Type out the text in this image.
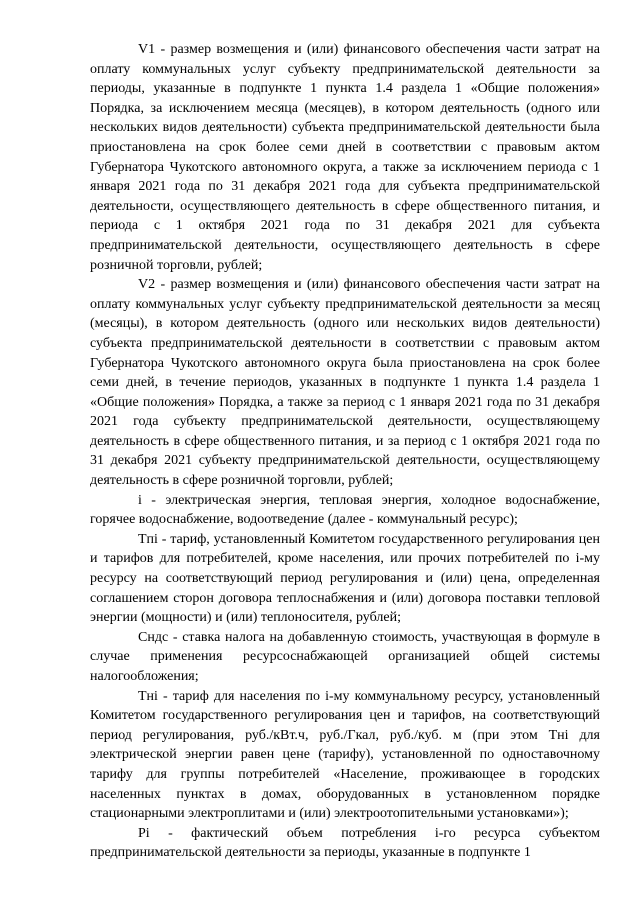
V1 - размер возмещения и (или) финансового обеспечения части затрат на оплату коммунальных услуг субъекту предпринимательской деятельности за периоды, указанные в подпункте 1 пункта 1.4 раздела 1 «Общие положения» Порядка, за исключением месяца (месяцев), в котором деятельность (одного или нескольких видов деятельности) субъекта предпринимательской деятельности была приостановлена на срок более семи дней в соответствии с правовым актом Губернатора Чукотского автономного округа, а также за исключением периода с 1 января 2021 года по 31 декабря 2021 года для субъекта предпринимательской деятельности, осуществляющего деятельность в сфере общественного питания, и периода с 1 октября 2021 года по 31 декабря 2021 для субъекта предпринимательской деятельности, осуществляющего деятельность в сфере розничной торговли, рублей;

V2 - размер возмещения и (или) финансового обеспечения части затрат на оплату коммунальных услуг субъекту предпринимательской деятельности за месяц (месяцы), в котором деятельность (одного или нескольких видов деятельности) субъекта предпринимательской деятельности в соответствии с правовым актом Губернатора Чукотского автономного округа была приостановлена на срок более семи дней, в течение периодов, указанных в подпункте 1 пункта 1.4 раздела 1 «Общие положения» Порядка, а также за период с 1 января 2021 года по 31 декабря 2021 года субъекту предпринимательской деятельности, осуществляющему деятельность в сфере общественного питания, и за период с 1 октября 2021 года по 31 декабря 2021 субъекту предпринимательской деятельности, осуществляющему деятельность в сфере розничной торговли, рублей;

i - электрическая энергия, тепловая энергия, холодное водоснабжение, горячее водоснабжение, водоотведение (далее - коммунальный ресурс);

Tпi - тариф, установленный Комитетом государственного регулирования цен и тарифов для потребителей, кроме населения, или прочих потребителей по i-му ресурсу на соответствующий период регулирования и (или) цена, определенная соглашением сторон договора теплоснабжения и (или) договора поставки тепловой энергии (мощности) и (или) теплоносителя, рублей;

Cндс - ставка налога на добавленную стоимость, участвующая в формуле в случае применения ресурсоснабжающей организацией общей системы налогообложения;

Tнi - тариф для населения по i-му коммунальному ресурсу, установленный Комитетом государственного регулирования цен и тарифов, на соответствующий период регулирования, руб./кВт.ч, руб./Гкал, руб./куб. м (при этом Tнi для электрической энергии равен цене (тарифу), установленной по одноставочному тарифу для группы потребителей «Население, проживающее в городских населенных пунктах в домах, оборудованных в установленном порядке стационарными электроплитами и (или) электроотопительными установками»);

Pi - фактический объем потребления i-го ресурса субъектом предпринимательской деятельности за периоды, указанные в подпункте 1
